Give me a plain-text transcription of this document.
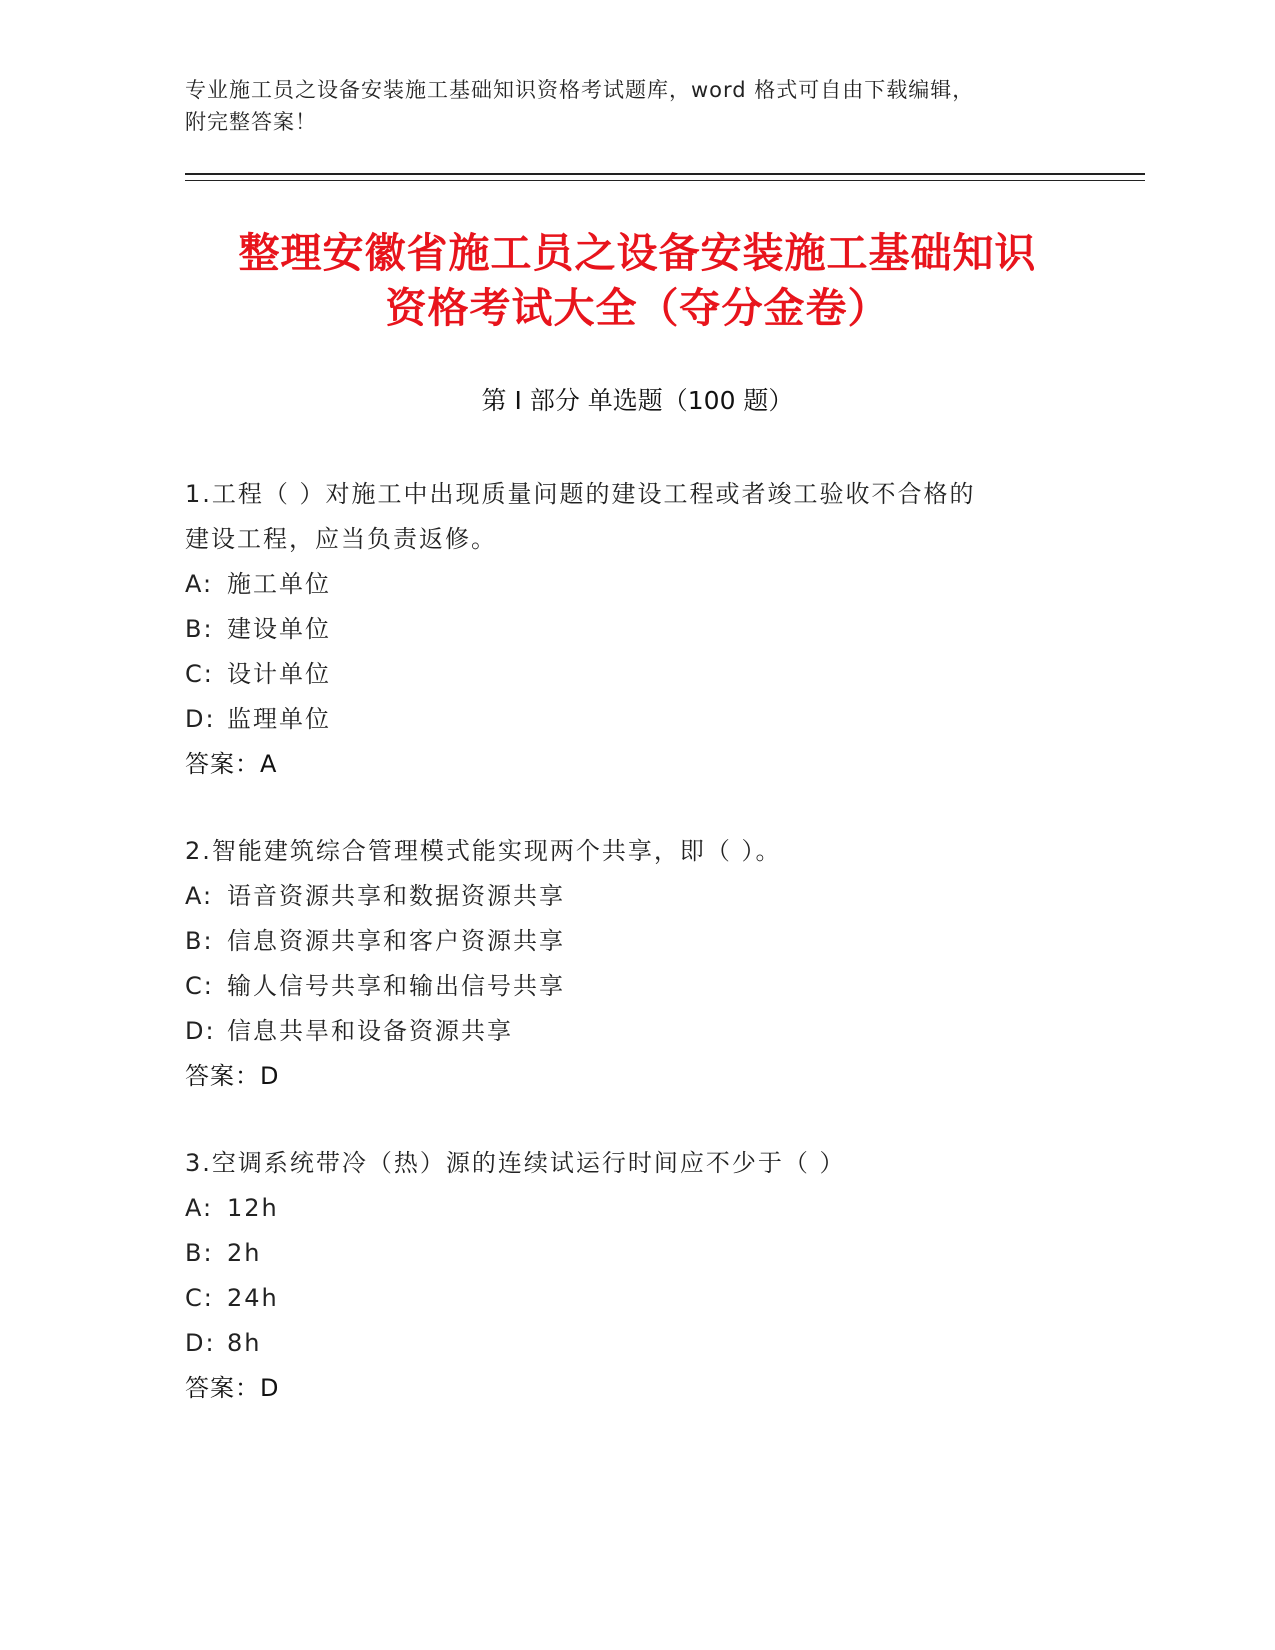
专业施工员之设备安装施工基础知识资格考试题库，word 格式可自由下载编辑，
附完整答案！
整理安徽省施工员之设备安装施工基础知识
资格考试大全（夺分金卷）
第 I 部分 单选题（100 题）
1.工程（ ）对施工中出现质量问题的建设工程或者竣工验收不合格的
建设工程，应当负责返修。
A: 施工单位
B: 建设单位
C: 设计单位
D: 监理单位
答案：A
2.智能建筑综合管理模式能实现两个共享，即（ ）。
A: 语音资源共享和数据资源共享
B: 信息资源共享和客户资源共享
C: 输人信号共享和输出信号共享
D: 信息共旱和设备资源共享
答案：D
3.空调系统带冷（热）源的连续试运行时间应不少于（ ）
A: 12h
B: 2h
C: 24h
D: 8h
答案：D
